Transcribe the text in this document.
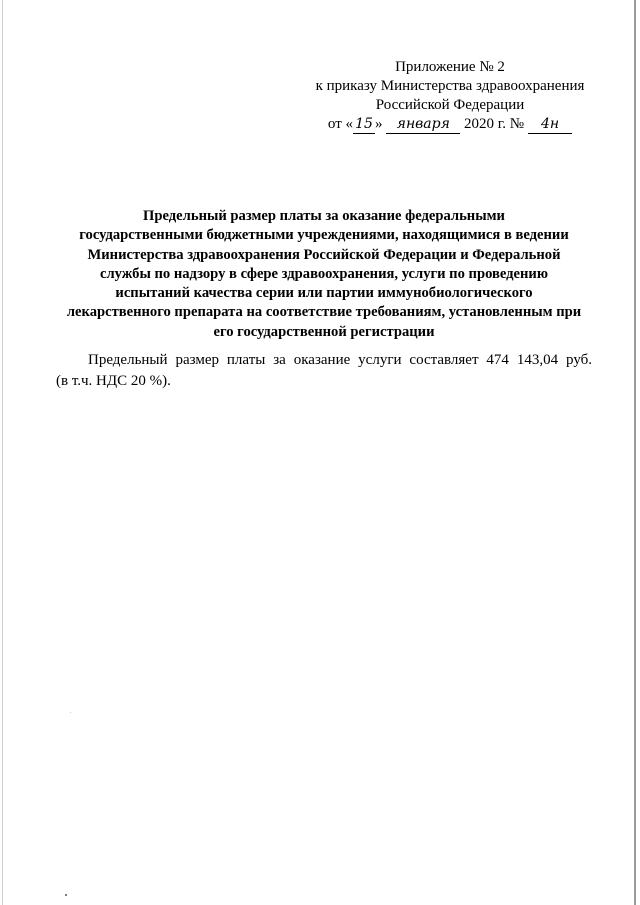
Приложение № 2
к приказу Министерства здравоохранения
Российской Федерации
от « 15 » января 2020 г. № 4н
Предельный размер платы за оказание федеральными
государственными бюджетными учреждениями, находящимися в ведении
Министерства здравоохранения Российской Федерации и Федеральной
службы по надзору в сфере здравоохранения, услуги по проведению
испытаний качества серии или партии иммунобиологического
лекарственного препарата на соответствие требованиям, установленным при
его государственной регистрации
Предельный размер платы за оказание услуги составляет 474 143,04 руб.
(в т.ч. НДС 20 %).
